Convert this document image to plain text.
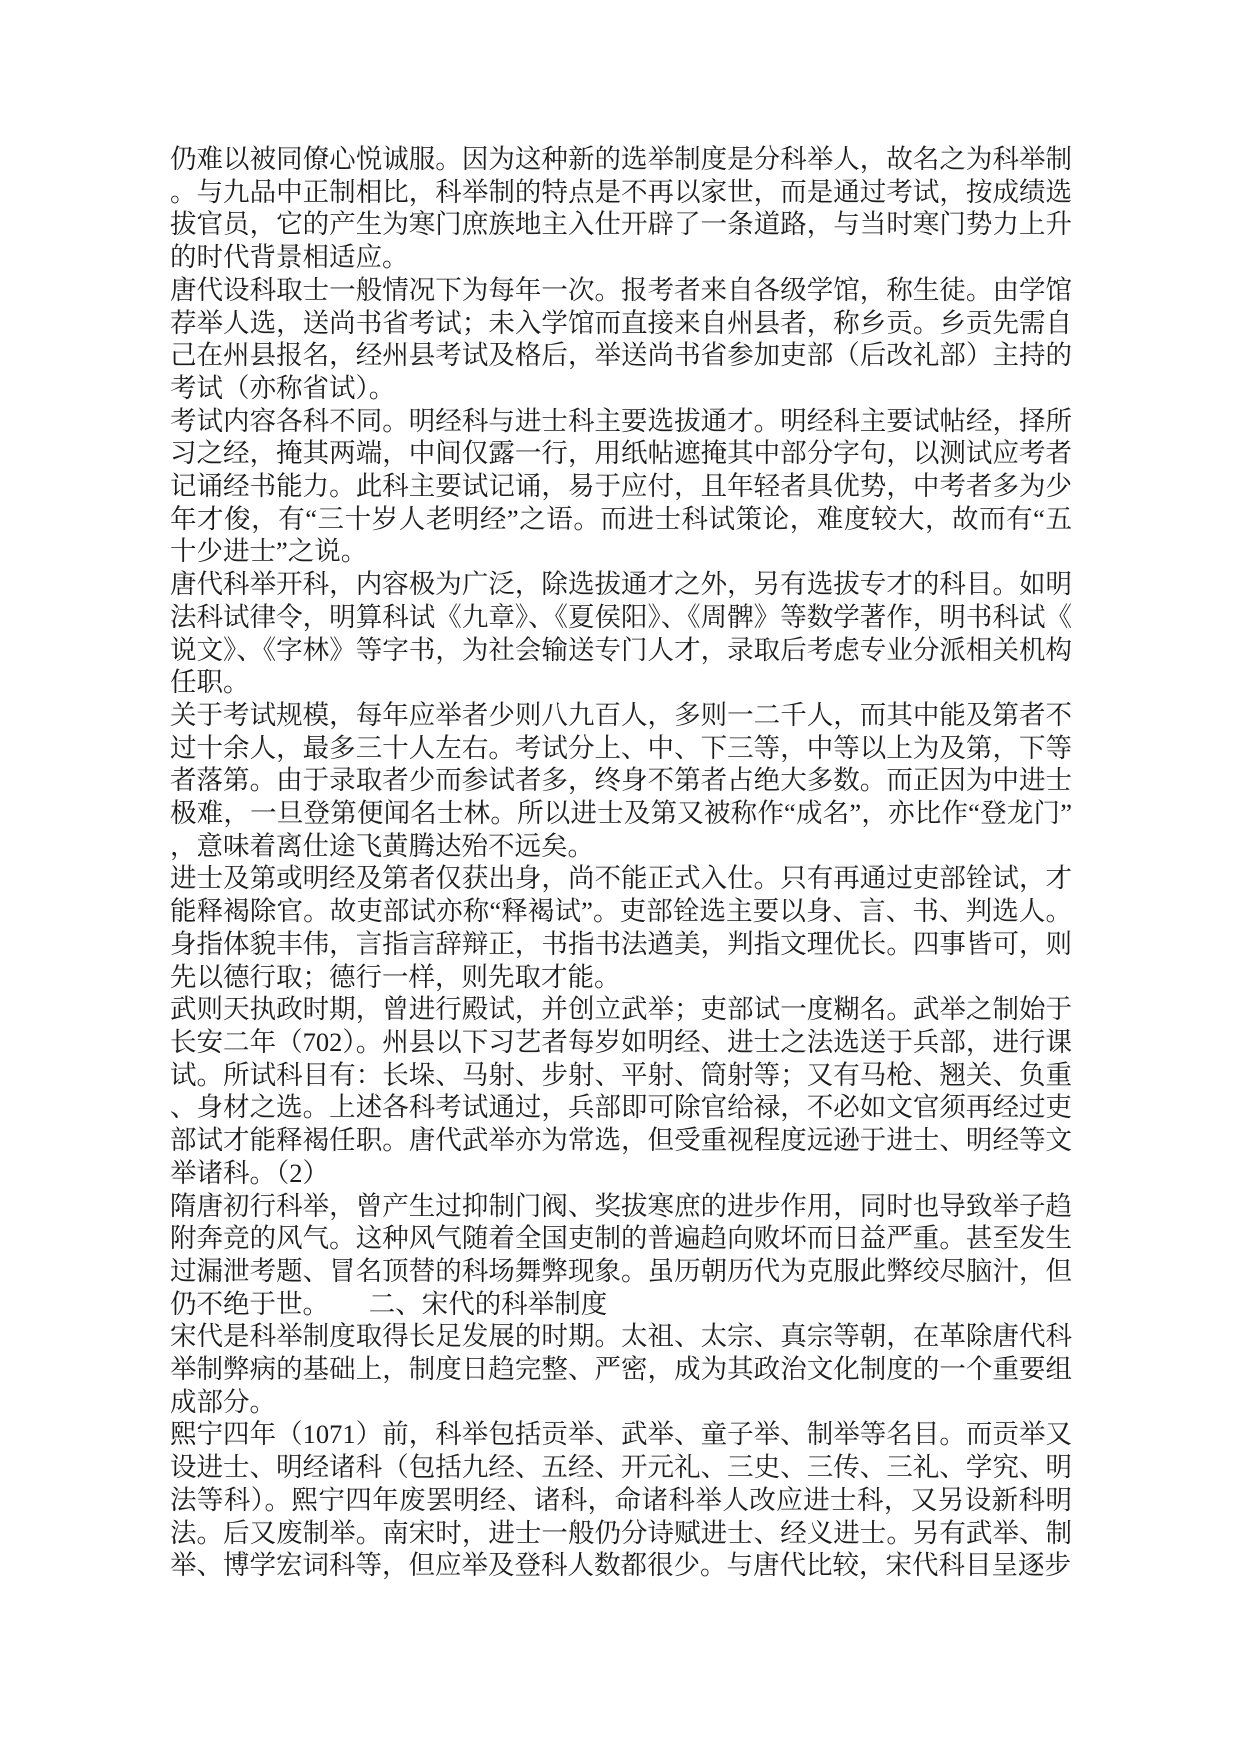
仍难以被同僚心悦诚服。因为这种新的选举制度是分科举人，故名之为科举制。与九品中正制相比，科举制的特点是不再以家世，而是通过考试，按成绩选拔官员，它的产生为寒门庶族地主入仕开辟了一条道路，与当时寒门势力上升的时代背景相适应。

唐代设科取士一般情况下为每年一次。报考者来自各级学馆，称生徒。由学馆荐举人选，送尚书省考试；未入学馆而直接来自州县者，称乡贡。乡贡先需自己在州县报名，经州县考试及格后，举送尚书省参加吏部（后改礼部）主持的考试（亦称省试）。

考试内容各科不同。明经科与进士科主要选拔通才。明经科主要试帖经，择所习之经，掩其两端，中间仅露一行，用纸帖遮掩其中部分字句，以测试应考者记诵经书能力。此科主要试记诵，易于应付，且年轻者具优势，中考者多为少年才俊，有“三十岁人老明经”之语。而进士科试策论，难度较大，故而有“五十少进士”之说。

唐代科举开科，内容极为广泛，除选拔通才之外，另有选拔专才的科目。如明法科试律令，明算科试《九章》、《夏侯阳》、《周髀》等数学著作，明书科试《说文》、《字林》等字书，为社会输送专门人才，录取后考虑专业分派相关机构任职。

关于考试规模，每年应举者少则八九百人，多则一二千人，而其中能及第者不过十余人，最多三十人左右。考试分上、中、下三等，中等以上为及第，下等者落第。由于录取者少而参试者多，终身不第者占绝大多数。而正因为中进士极难，一旦登第便闻名士林。所以进士及第又被称作“成名”，亦比作“登龙门”，意味着离仕途飞黄腾达殆不远矣。

进士及第或明经及第者仅获出身，尚不能正式入仕。只有再通过吏部铨试，才能释褐除官。故吏部试亦称“释褐试”。吏部铨选主要以身、言、书、判选人。身指体貌丰伟，言指言辞辩正，书指书法遒美，判指文理优长。四事皆可，则先以德行取；德行一样，则先取才能。

武则天执政时期，曾进行殿试，并创立武举；吏部试一度糊名。武举之制始于长安二年（702）。州县以下习艺者每岁如明经、进士之法选送于兵部，进行课试。所试科目有：长垛、马射、步射、平射、筒射等；又有马枪、翘关、负重、身材之选。上述各科考试通过，兵部即可除官给禄，不必如文官须再经过吏部试才能释褐任职。唐代武举亦为常选，但受重视程度远逊于进士、明经等文举诸科。（2）

隋唐初行科举，曾产生过抑制门阀、奖拔寒庶的进步作用，同时也导致举子趋附奔竞的风气。这种风气随着全国吏制的普遍趋向败坏而日益严重。甚至发生过漏泄考题、冒名顶替的科场舞弊现象。虽历朝历代为克服此弊绞尽脑汁，但仍不绝于世。　　二、宋代的科举制度

宋代是科举制度取得长足发展的时期。太祖、太宗、真宗等朝，在革除唐代科举制弊病的基础上，制度日趋完整、严密，成为其政治文化制度的一个重要组成部分。

熙宁四年（1071）前，科举包括贡举、武举、童子举、制举等名目。而贡举又设进士、明经诸科（包括九经、五经、开元礼、三史、三传、三礼、学究、明法等科）。熙宁四年废罢明经、诸科，命诸科举人改应进士科，又另设新科明法。后又废制举。南宋时，进士一般仍分诗赋进士、经义进士。另有武举、制举、博学宏词科等，但应举及登科人数都很少。与唐代比较，宋代科目呈逐步
